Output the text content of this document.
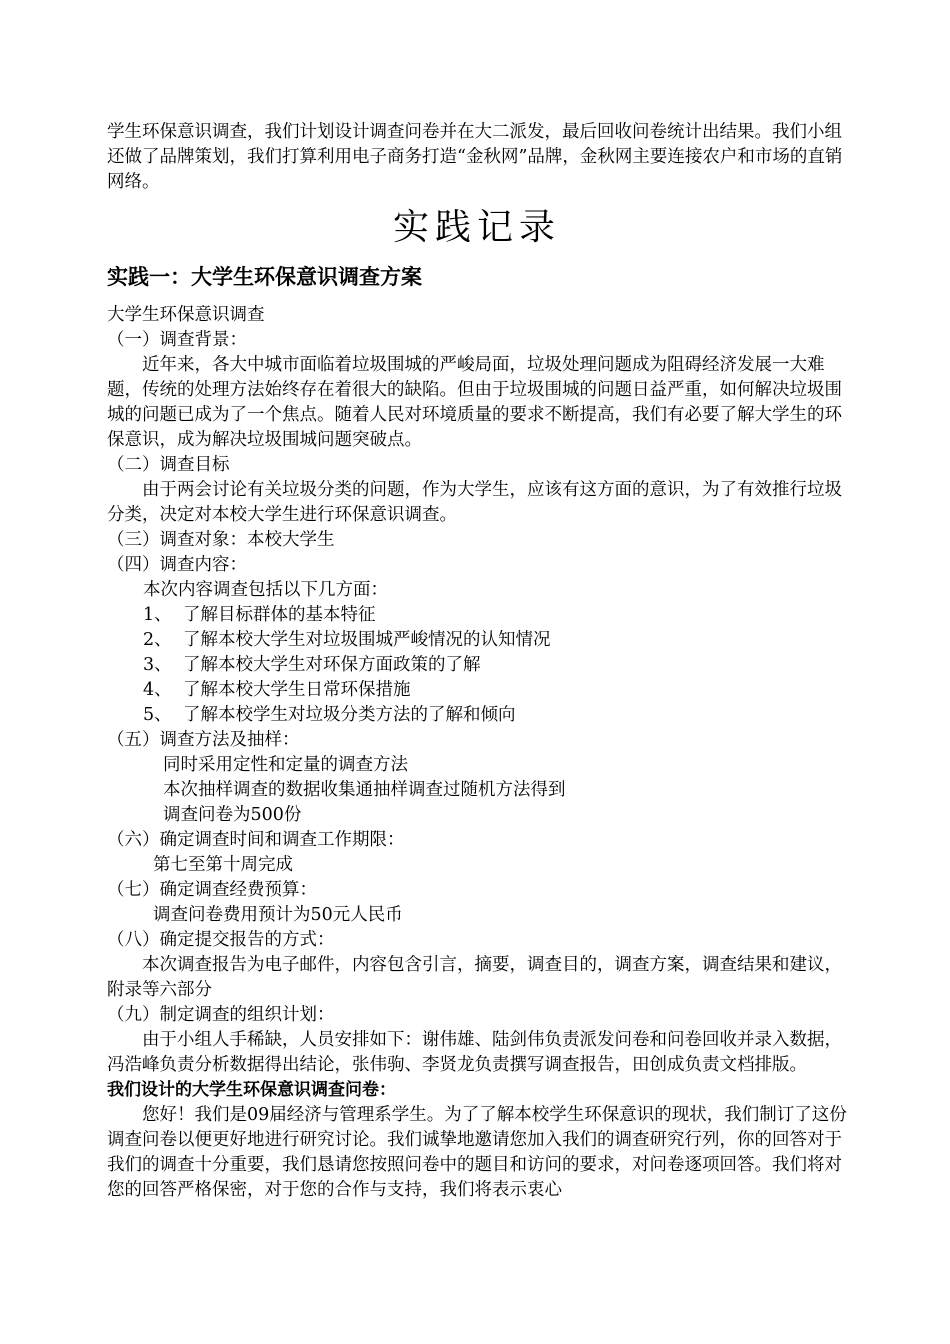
学生环保意识调查，我们计划设计调查问卷并在大二派发，最后回收问卷统计出结果。我们小组还做了品牌策划，我们打算利用电子商务打造“金秋网”品牌，金秋网主要连接农户和市场的直销网络。

实践记录

实践一：大学生环保意识调查方案

大学生环保意识调查

（一）调查背景：

近年来，各大中城市面临着垃圾围城的严峻局面，垃圾处理问题成为阻碍经济发展一大难题，传统的处理方法始终存在着很大的缺陷。但由于垃圾围城的问题日益严重，如何解决垃圾围城的问题已成为了一个焦点。随着人民对环境质量的要求不断提高，我们有必要了解大学生的环保意识，成为解决垃圾围城问题突破点。

（二）调查目标

由于两会讨论有关垃圾分类的问题，作为大学生，应该有这方面的意识，为了有效推行垃圾分类，决定对本校大学生进行环保意识调查。

（三）调查对象：本校大学生

（四）调查内容：

本次内容调查包括以下几方面：

1、 了解目标群体的基本特征

2、 了解本校大学生对垃圾围城严峻情况的认知情况

3、 了解本校大学生对环保方面政策的了解

4、 了解本校大学生日常环保措施

5、 了解本校学生对垃圾分类方法的了解和倾向

（五）调查方法及抽样：

同时采用定性和定量的调查方法

本次抽样调查的数据收集通抽样调查过随机方法得到

调查问卷为500份

（六）确定调查时间和调查工作期限：

第七至第十周完成

（七）确定调查经费预算：

调查问卷费用预计为50元人民币

（八）确定提交报告的方式：

本次调查报告为电子邮件，内容包含引言，摘要，调查目的，调查方案，调查结果和建议，附录等六部分

（九）制定调查的组织计划：

由于小组人手稀缺，人员安排如下：谢伟雄、陆剑伟负责派发问卷和问卷回收并录入数据，冯浩峰负责分析数据得出结论，张伟驹、李贤龙负责撰写调查报告，田创成负责文档排版。

我们设计的大学生环保意识调查问卷：

您好！我们是09届经济与管理系学生。为了了解本校学生环保意识的现状，我们制订了这份调查问卷以便更好地进行研究讨论。我们诚挚地邀请您加入我们的调查研究行列，你的回答对于我们的调查十分重要，我们恳请您按照问卷中的题目和访问的要求，对问卷逐项回答。我们将对您的回答严格保密，对于您的合作与支持，我们将表示衷心
